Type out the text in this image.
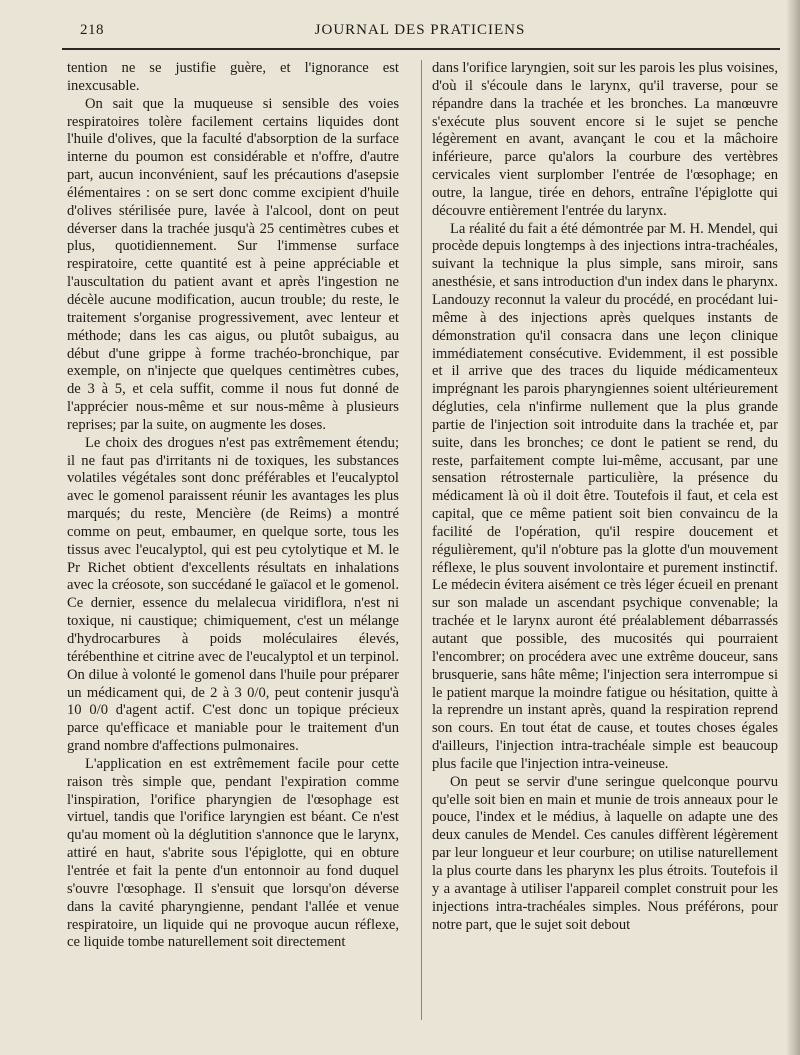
218	JOURNAL DES PRATICIENS

tention ne se justifie guère, et l'ignorance est inexcusable.

On sait que la muqueuse si sensible des voies respiratoires tolère facilement certains liquides dont l'huile d'olives, que la faculté d'absorption de la surface interne du poumon est considérable et n'offre, d'autre part, aucun inconvénient, sauf les précautions d'asepsie élémentaires : on se sert donc comme excipient d'huile d'olives stérilisée pure, lavée à l'alcool, dont on peut déverser dans la trachée jusqu'à 25 centimètres cubes et plus, quotidiennement. Sur l'immense surface respiratoire, cette quantité est à peine appréciable et l'auscultation du patient avant et après l'ingestion ne décèle aucune modification, aucun trouble; du reste, le traitement s'organise progressivement, avec lenteur et méthode; dans les cas aigus, ou plutôt subaigus, au début d'une grippe à forme trachéo-bronchique, par exemple, on n'injecte que quelques centimètres cubes, de 3 à 5, et cela suffit, comme il nous fut donné de l'apprécier nous-même et sur nous-même à plusieurs reprises; par la suite, on augmente les doses.

Le choix des drogues n'est pas extrêmement étendu; il ne faut pas d'irritants ni de toxiques, les substances volatiles végétales sont donc préférables et l'eucalyptol avec le gomenol paraissent réunir les avantages les plus marqués; du reste, Mencière (de Reims) a montré comme on peut, embaumer, en quelque sorte, tous les tissus avec l'eucalyptol, qui est peu cytolytique et M. le Pr Richet obtient d'excellents résultats en inhalations avec la créosote, son succédané le gaïacol et le gomenol. Ce dernier, essence du melalecua viridiflora, n'est ni toxique, ni caustique; chimiquement, c'est un mélange d'hydrocarbures à poids moléculaires élevés, térébenthine et citrine avec de l'eucalyptol et un terpinol. On dilue à volonté le gomenol dans l'huile pour préparer un médicament qui, de 2 à 3 0/0, peut contenir jusqu'à 10 0/0 d'agent actif. C'est donc un topique précieux parce qu'efficace et maniable pour le traitement d'un grand nombre d'affections pulmonaires.

L'application en est extrêmement facile pour cette raison très simple que, pendant l'expiration comme l'inspiration, l'orifice pharyngien de l'œsophage est virtuel, tandis que l'orifice laryngien est béant. Ce n'est qu'au moment où la déglutition s'annonce que le larynx, attiré en haut, s'abrite sous l'épiglotte, qui en obture l'entrée et fait la pente d'un entonnoir au fond duquel s'ouvre l'œsophage. Il s'ensuit que lorsqu'on déverse dans la cavité pharyngienne, pendant l'allée et venue respiratoire, un liquide qui ne provoque aucun réflexe, ce liquide tombe naturellement soit directement

dans l'orifice laryngien, soit sur les parois les plus voisines, d'où il s'écoule dans le larynx, qu'il traverse, pour se répandre dans la trachée et les bronches. La manœuvre s'exécute plus souvent encore si le sujet se penche légèrement en avant, avançant le cou et la mâchoire inférieure, parce qu'alors la courbure des vertèbres cervicales vient surplomber l'entrée de l'œsophage; en outre, la langue, tirée en dehors, entraîne l'épiglotte qui découvre entièrement l'entrée du larynx.

La réalité du fait a été démontrée par M. H. Mendel, qui procède depuis longtemps à des injections intra-trachéales, suivant la technique la plus simple, sans miroir, sans anesthésie, et sans introduction d'un index dans le pharynx. Landouzy reconnut la valeur du procédé, en procédant lui-même à des injections après quelques instants de démonstration qu'il consacra dans une leçon clinique immédiatement consécutive. Evidemment, il est possible et il arrive que des traces du liquide médicamenteux imprégnant les parois pharyngiennes soient ultérieurement dégluties, cela n'infirme nullement que la plus grande partie de l'injection soit introduite dans la trachée et, par suite, dans les bronches; ce dont le patient se rend, du reste, parfaitement compte lui-même, accusant, par une sensation rétrosternale particulière, la présence du médicament là où il doit être. Toutefois il faut, et cela est capital, que ce même patient soit bien convaincu de la facilité de l'opération, qu'il respire doucement et régulièrement, qu'il n'obture pas la glotte d'un mouvement réflexe, le plus souvent involontaire et purement instinctif. Le médecin évitera aisément ce très léger écueil en prenant sur son malade un ascendant psychique convenable; la trachée et le larynx auront été préalablement débarrassés autant que possible, des mucosités qui pourraient l'encombrer; on procédera avec une extrême douceur, sans brusquerie, sans hâte même; l'injection sera interrompue si le patient marque la moindre fatigue ou hésitation, quitte à la reprendre un instant après, quand la respiration reprend son cours. En tout état de cause, et toutes choses égales d'ailleurs, l'injection intra-trachéale simple est beaucoup plus facile que l'injection intra-veineuse.

On peut se servir d'une seringue quelconque pourvu qu'elle soit bien en main et munie de trois anneaux pour le pouce, l'index et le médius, à laquelle on adapte une des deux canules de Mendel. Ces canules diffèrent légèrement par leur longueur et leur courbure; on utilise naturellement la plus courte dans les pharynx les plus étroits. Toutefois il y a avantage à utiliser l'appareil complet construit pour les injections intra-trachéales simples. Nous préférons, pour notre part, que le sujet soit debout
